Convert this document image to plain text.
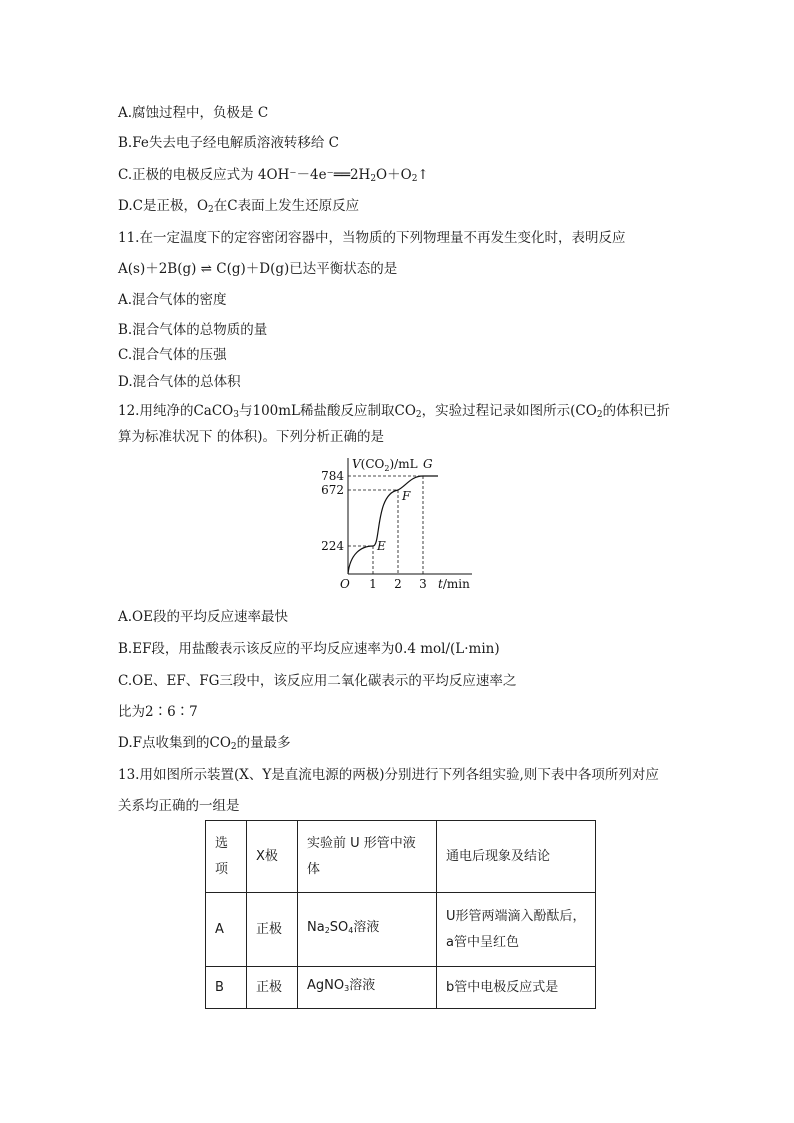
A.腐蚀过程中，负极是 C
B.Fe失去电子经电解质溶液转移给 C
C.正极的电极反应式为 $4OH^--4e^-══2H_2O+O_2↑$
D.C是正极，$O_2$在C表面上发生还原反应
11.在一定温度下的定容密闭容器中，当物质的下列物理量不再发生变化时，表明反应
A(s)＋2B(g) ⇌ C(g)＋D(g)已达平衡状态的是
A.混合气体的密度
B.混合气体的总物质的量
C.混合气体的压强
D.混合气体的总体积
12.用纯净的CaCO$_3$与100mL稀盐酸反应制取$CO_2$，实验过程记录如图所示($CO_2$的体积已折
算为标准状况下 的体积)。下列分析正确的是
224
1
E
672
2
F
784
3
G
$V(CO_2)/mL$
t/min
O
A.OE段的平均反应速率最快
B.EF段，用盐酸表示该反应的平均反应速率为0.4 mol/(L·min)
C.OE、EF、FG三段中，该反应用二氧化碳表示的平均反应速率之
比为2∶6∶7
D.F点收集到的$CO_2$的量最多
13.用如图所示装置(X、Y是直流电源的两极)分别进行下列各组实验,则下表中各项所列对应
关系均正确的一组是
选项	X极	实验前 U 形管中液体	通电后现象及结论
A	正极	$Na_2SO_4$溶液	U形管两端滴入酚酞后，a管中呈红色
B	正极	AgNO$_3$溶液	b管中电极反应式是
